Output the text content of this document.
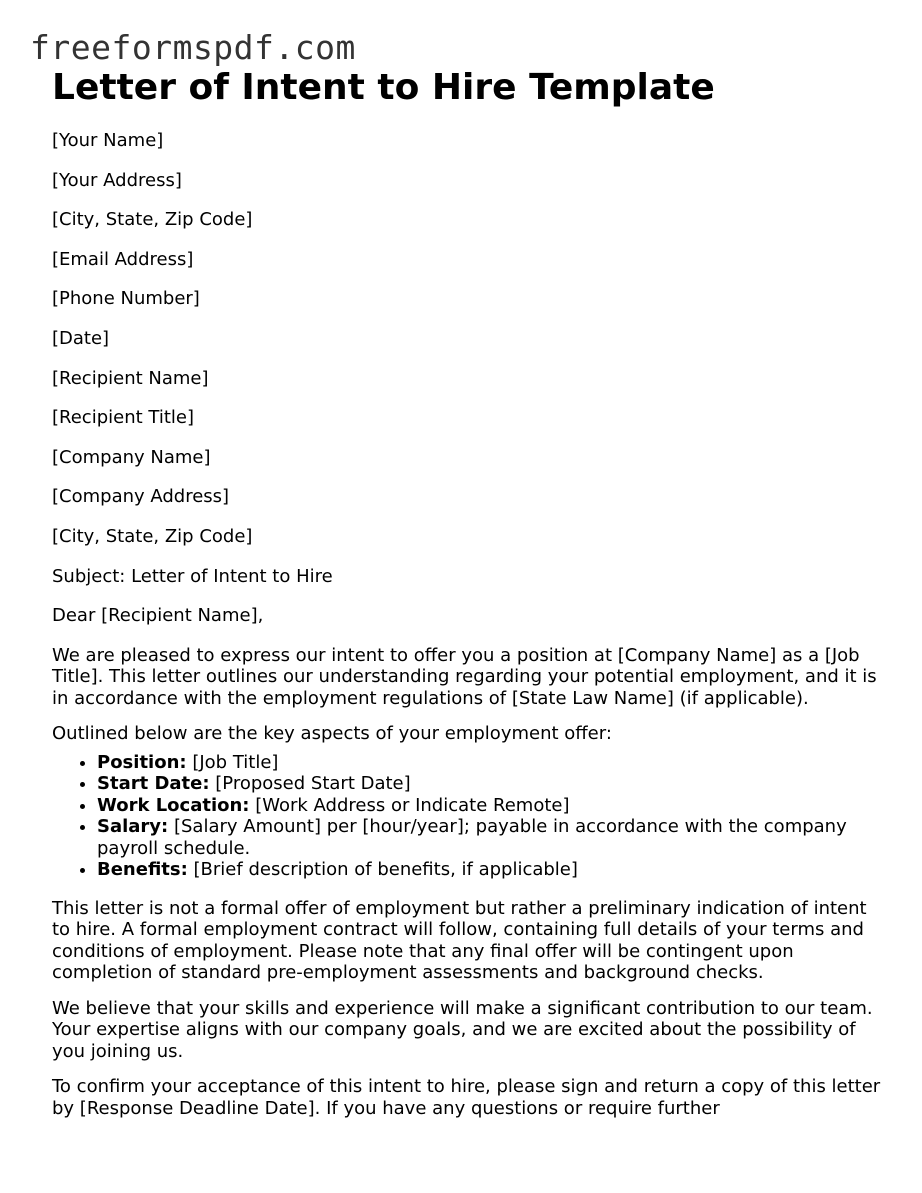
freeformspdf.com
Letter of Intent to Hire Template
[Your Name]
[Your Address]
[City, State, Zip Code]
[Email Address]
[Phone Number]
[Date]
[Recipient Name]
[Recipient Title]
[Company Name]
[Company Address]
[City, State, Zip Code]
Subject: Letter of Intent to Hire
Dear [Recipient Name],

We are pleased to express our intent to offer you a position at [Company Name] as a [Job Title]. This letter outlines our understanding regarding your potential employment, and it is in accordance with the employment regulations of [State Law Name] (if applicable).

Outlined below are the key aspects of your employment offer:

• Position: [Job Title]
• Start Date: [Proposed Start Date]
• Work Location: [Work Address or Indicate Remote]
• Salary: [Salary Amount] per [hour/year]; payable in accordance with the company payroll schedule.
• Benefits: [Brief description of benefits, if applicable]

This letter is not a formal offer of employment but rather a preliminary indication of intent to hire. A formal employment contract will follow, containing full details of your terms and conditions of employment. Please note that any final offer will be contingent upon completion of standard pre-employment assessments and background checks.

We believe that your skills and experience will make a significant contribution to our team. Your expertise aligns with our company goals, and we are excited about the possibility of you joining us.

To confirm your acceptance of this intent to hire, please sign and return a copy of this letter by [Response Deadline Date]. If you have any questions or require further
